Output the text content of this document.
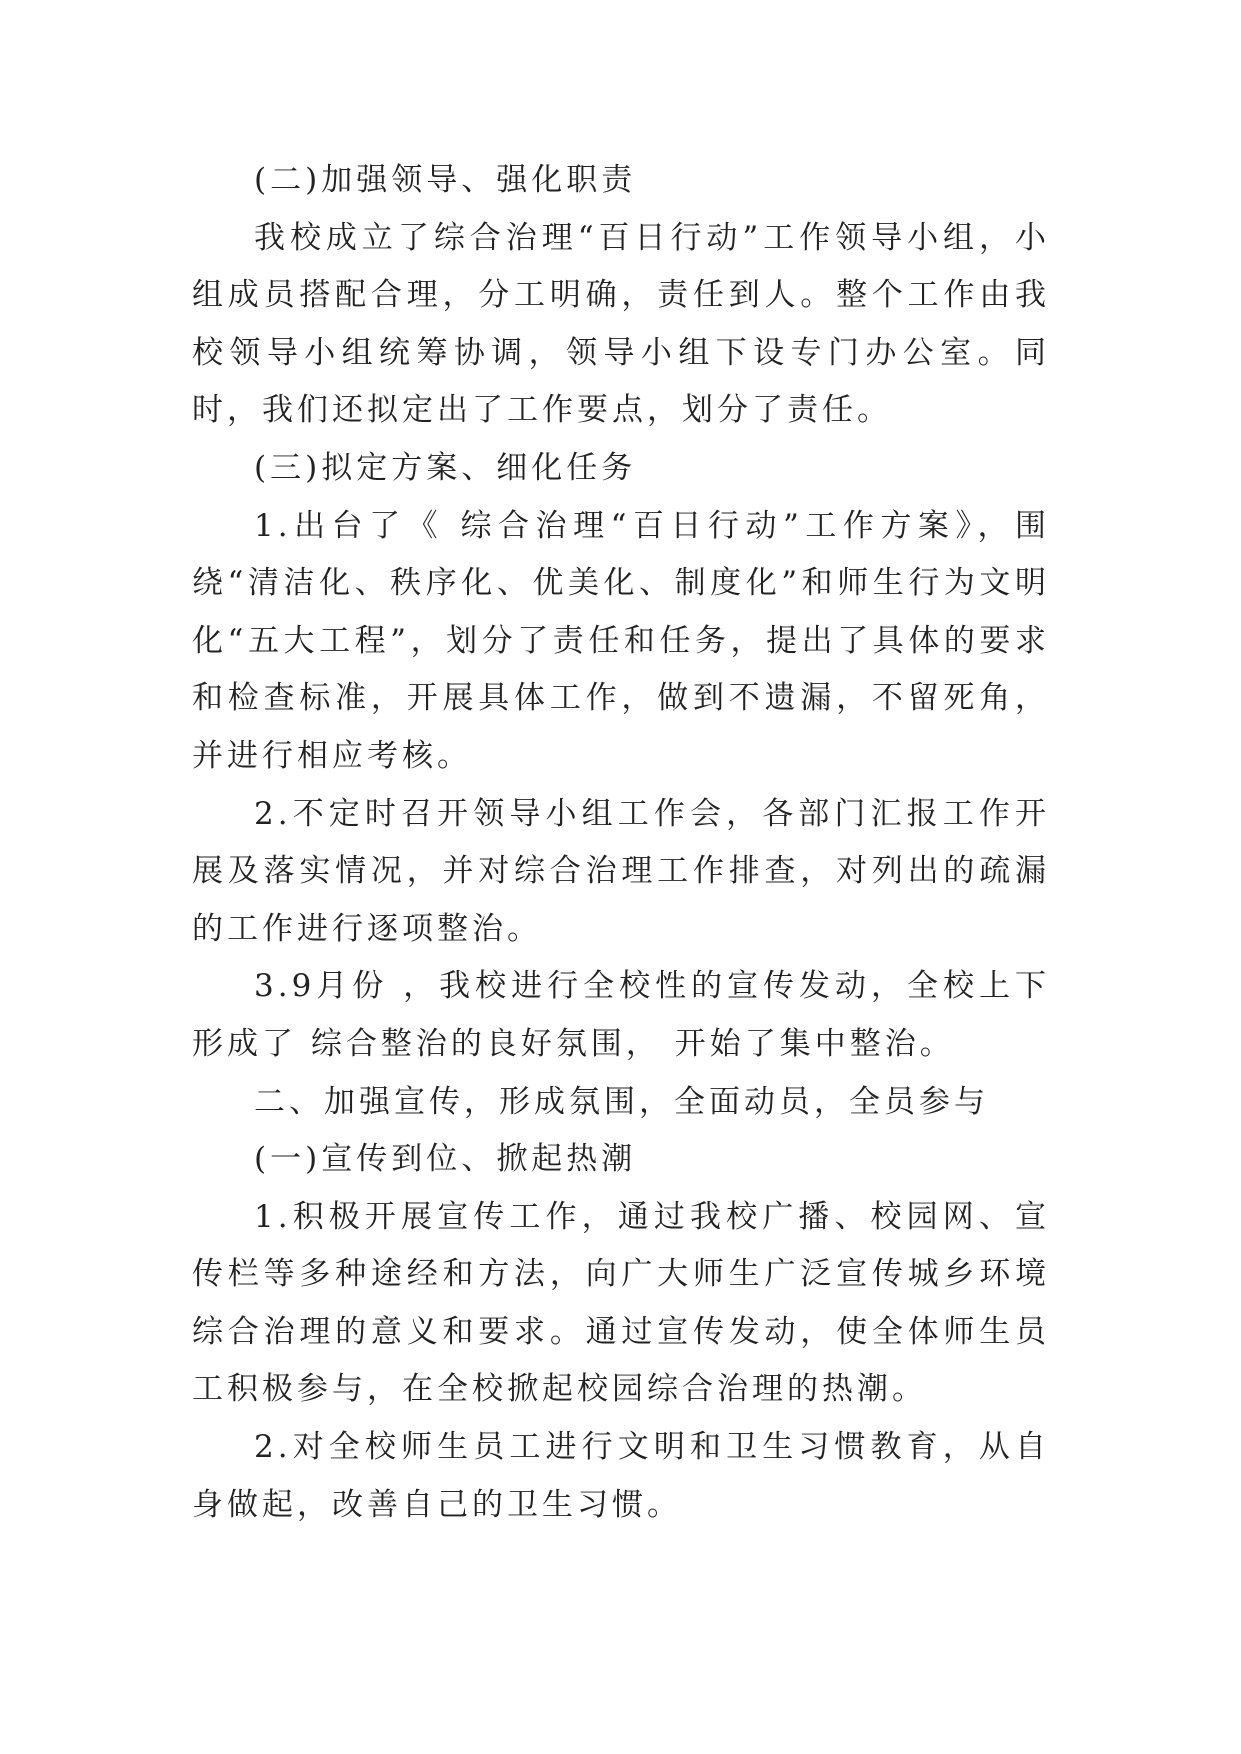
(二)加强领导、强化职责

我校成立了综合治理“百日行动”工作领导小组，小组成员搭配合理，分工明确，责任到人。整个工作由我校领导小组统筹协调，领导小组下设专门办公室。同时，我们还拟定出了工作要点，划分了责任。

(三)拟定方案、细化任务

1.出台了《 综合治理“百日行动”工作方案》，围绕“清洁化、秩序化、优美化、制度化”和师生行为文明化“五大工程”，划分了责任和任务，提出了具体的要求和检查标准，开展具体工作，做到不遗漏，不留死角，并进行相应考核。

2.不定时召开领导小组工作会，各部门汇报工作开展及落实情况，并对综合治理工作排查，对列出的疏漏的工作进行逐项整治。

3.9月份 ，我校进行全校性的宣传发动，全校上下形成了 综合整治的良好氛围， 开始了集中整治。

二、加强宣传，形成氛围，全面动员，全员参与

(一)宣传到位、掀起热潮

1.积极开展宣传工作，通过我校广播、校园网、宣传栏等多种途经和方法，向广大师生广泛宣传城乡环境综合治理的意义和要求。通过宣传发动，使全体师生员工积极参与，在全校掀起校园综合治理的热潮。

2.对全校师生员工进行文明和卫生习惯教育，从自身做起，改善自己的卫生习惯。
